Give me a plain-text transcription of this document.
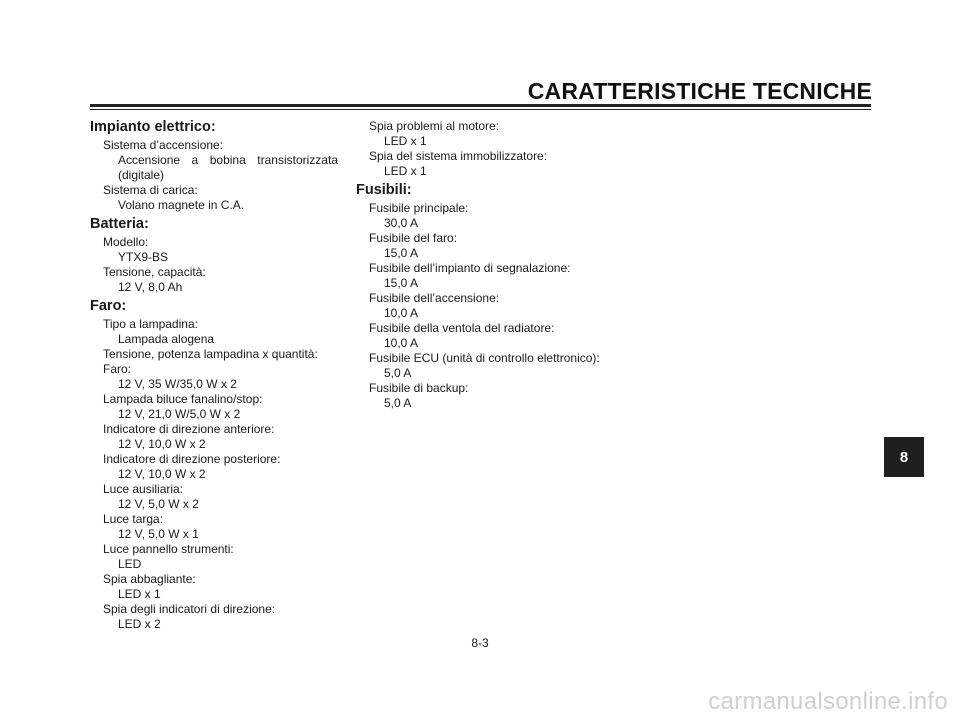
CARATTERISTICHE TECNICHE
Impianto elettrico:
Sistema d’accensione:
Accensione a bobina transistorizzata
(digitale)
Sistema di carica:
Volano magnete in C.A.
Batteria:
Modello:
YTX9-BS
Tensione, capacità:
12 V, 8,0 Ah
Faro:
Tipo a lampadina:
Lampada alogena
Tensione, potenza lampadina x quantità:
Faro:
12 V, 35 W/35,0 W x 2
Lampada biluce fanalino/stop:
12 V, 21,0 W/5,0 W x 2
Indicatore di direzione anteriore:
12 V, 10,0 W x 2
Indicatore di direzione posteriore:
12 V, 10,0 W x 2
Luce ausiliaria:
12 V, 5,0 W x 2
Luce targa:
12 V, 5,0 W x 1
Luce pannello strumenti:
LED
Spia abbagliante:
LED x 1
Spia degli indicatori di direzione:
LED x 2
Spia problemi al motore:
LED x 1
Spia del sistema immobilizzatore:
LED x 1
Fusibili:
Fusibile principale:
30,0 A
Fusibile del faro:
15,0 A
Fusibile dell’impianto di segnalazione:
15,0 A
Fusibile dell’accensione:
10,0 A
Fusibile della ventola del radiatore:
10,0 A
Fusibile ECU (unità di controllo elettronico):
5,0 A
Fusibile di backup:
5,0 A
8
8-3
carmanualsonline.info
